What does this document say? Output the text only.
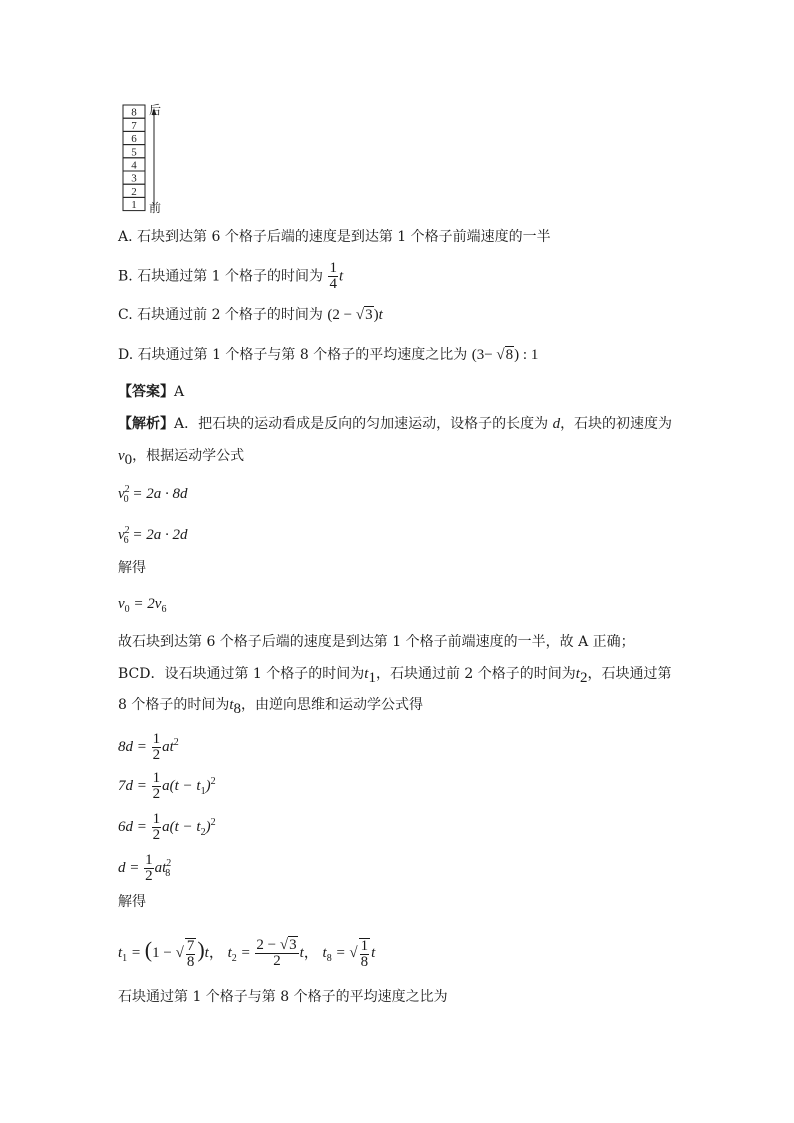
8
7
6
5
4
3
2
1
后
前
A. 石块到达第 6 个格子后端的速度是到达第 1 个格子前端速度的一半
B. 石块通过第 1 个格子的时间为 $\frac{1}{4}$ t
C. 石块通过前 2 个格子的时间为 (2 − √3)t
D. 石块通过第 1 个格子与第 8 个格子的平均速度之比为 (3− √8) : 1
【答案】A
【解析】A．把石块的运动看成是反向的匀加速运动，设格子的长度为 d，石块的初速度为
$v_0$，根据运动学公式
$v^2_0 = 2a \cdot 8d$
$v^2_6 = 2a \cdot 2d$
解得
$v_0 = 2v_6$
故石块到达第 6 个格子后端的速度是到达第 1 个格子前端速度的一半，故 A 正确；
BCD．设石块通过第 1 个格子的时间为$t_1$，石块通过前 2 个格子的时间为$t_2$，石块通过第
8 个格子的时间为$t_8$，由逆向思维和运动学公式得
$8d = \frac{1}{2} at^2$
$7d = \frac{1}{2} a(t - t_1)^2$
$6d = \frac{1}{2} a(t - t_2)^2$
$d = \frac{1}{2} at^2_8$
解得
$t_1 = (1$ − √ $\frac{7}{8} )t$， $t_2 = \frac{2 - √3}{2}$ t， $t_8$ = √ $\frac{1}{8}$ t
石块通过第 1 个格子与第 8 个格子的平均速度之比为
